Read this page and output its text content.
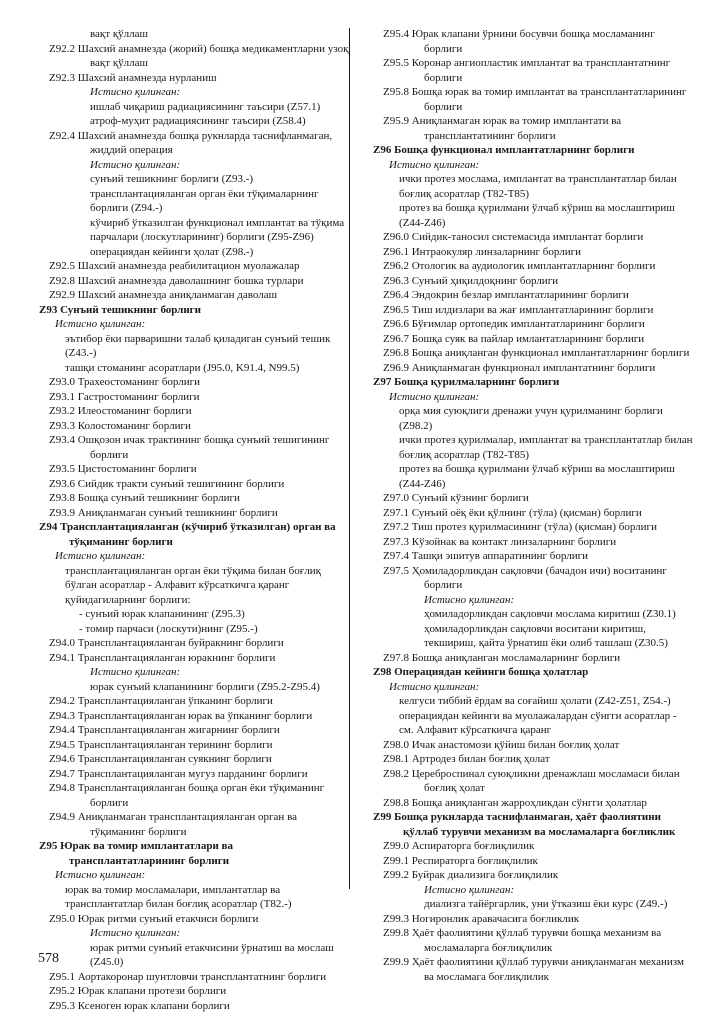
вақт қўллаш
Z92.2 Шахсий анамнезда (жорий) бошқа медикаментларни узоқ вақт қўллаш
Z92.3 Шахсий анамнезда нурланиш
Истисно қилинган:
ишлаб чиқариш радиациясининг таъсири (Z57.1)
атроф-муҳит радиациясининг таъсири (Z58.4)
Z92.4 Шахсий анамнезда бошқа рукнларда таснифланмаган, жиддий операция
Истисно қилинган:
сунъий тешикнинг борлиги (Z93.-)
трансплантацияланган орган ёки тўқималарнинг борлиги (Z94.-)
кўчириб ўтказилган функционал имплантат ва тўқима парчалари (лоскутларининг) борлиги (Z95-Z96)
операциядан кейинги ҳолат (Z98.-)
Z92.5 Шахсий анамнезда реабилитацион муолажалар
Z92.8 Шахсий анамнезда даволашнинг бошка турлари
Z92.9 Шахсий анамнезда аниқланмаган даволаш
Z93 Сунъий тешикнинг борлиги
Истисно қилинган:
эътибор ёки парваришни талаб қиладиган сунъий тешик (Z43.-)
ташқи стоманинг асоратлари (J95.0, K91.4, N99.5)
Z93.0 Трахеостоманинг борлиги
Z93.1 Гастростоманинг борлиги
Z93.2 Илеостоманинг борлиги
Z93.3 Колостоманинг борлиги
Z93.4 Ошқозон ичак трактининг бошқа сунъий тешигининг борлиги
Z93.5 Цистостоманинг борлиги
Z93.6 Сийдик тракти сунъий тешигининг борлиги
Z93.8 Бошқа сунъий тешикнинг борлиги
Z93.9 Аниқланмаган сунъий тешикнинг борлиги
Z94 Трансплантацияланган (кўчириб ўтказилган) орган ва тўқиманинг борлиги
Истисно қилинган:
трансплантацияланган орган ёки тўқима билан боғлиқ бўлган асоратлар - Алфавит кўрсаткичга қаранг
қуйидагиларнинг борлиги:
- сунъий юрак клапанининг (Z95.3)
- томир парчаси (лоскути)нинг (Z95.-)
Z94.0 Трансплантацияланган буйракнинг борлиги
Z94.1 Трансплантацияланган юракнинг борлиги
Истисно қилинган:
юрак сунъий клапанининг борлиги (Z95.2-Z95.4)
Z94.2 Трансплантацияланган ўпканинг борлиги
Z94.3 Трансплантацияланган юрак ва ўпканинг борлиги
Z94.4 Трансплантацияланган жигарнинг борлиги
Z94.5 Трансплантацияланган терининг борлиги
Z94.6 Трансплантацияланган суякнинг борлиги
Z94.7 Трансплантацияланган мугуз парданинг борлиги
Z94.8 Трансплантацияланган бошқа орган ёки тўқиманинг борлиги
Z94.9 Аниқланмаган трансплантацияланган орган ва тўқиманинг борлиги
Z95 Юрак ва томир имплантатлари ва трансплантатларининг борлиги
Истисно қилинган:
юрак ва томир мосламалари, имплантатлар ва трансплантатлар билан боғлиқ асоратлар (T82.-)
Z95.0 Юрак ритми сунъий етакчиси борлиги
Истисно қилинган:
юрак ритми сунъий етакчисини ўрнатиш ва мослаш (Z45.0)
Z95.1 Аортакоронар шунтловчи трансплантатнинг борлиги
Z95.2 Юрак клапани протези борлиги
Z95.3 Ксеноген юрак клапани борлиги
Z95.4 Юрак клапани ўрнини босувчи бошқа мосламанинг борлиги
Z95.5 Коронар ангиопластик имплантат ва трансплантатнинг борлиги
Z95.8 Бошқа юрак ва томир имплантат ва трансплантатларининг борлиги
Z95.9 Аниқланмаган юрак ва томир имплантати ва трансплантатининг борлиги
Z96 Бошқа функционал имплантатларнинг борлиги
Истисно қилинган:
ички протез мослама, имплантат ва трансплантатлар билан боғлиқ асоратлар (T82-T85)
протез ва бошқа қурилмани ўлчаб кўриш ва мослаштириш (Z44-Z46)
Z96.0 Сийдик-таносил системасида имплантат борлиги
Z96.1 Интраокуляр линзаларнинг борлиги
Z96.2 Отологик ва аудиологик имплантатларнинг борлиги
Z96.3 Сунъий ҳиқилдоқнинг борлиги
Z96.4 Эндокрин безлар имплантатларининг борлиги
Z96.5 Тиш илдизлари ва жағ имплантатларининг борлиги
Z96.6 Бўғимлар ортопедик имплантатларининг борлиги
Z96.7 Бошқа суяк ва пайлар имлантатларининг борлиги
Z96.8 Бошқа аниқланган функционал имплантатларнинг борлиги
Z96.9 Аниқланмаган функционал имплантатнинг борлиги
Z97 Бошқа қурилмаларнинг борлиги
Истисно қилинган:
орқа мия суюқлиги дренажи учун қурилманинг борлиги (Z98.2)
ички протез қурилмалар, имплантат ва трансплантатлар билан боғлиқ асоратлар (T82-T85)
протез ва бошқа қурилмани ўлчаб кўриш ва мослаштириш (Z44-Z46)
Z97.0 Сунъий кўзнинг борлиги
Z97.1 Сунъий оёқ ёки қўлнинг (тўла) (қисман) борлиги
Z97.2 Тиш протез қурилмасининг (тўла) (қисман) борлиги
Z97.3 Кўзойнак ва контакт линзаларнинг борлиги
Z97.4 Ташқи эшитув аппаратининг борлиги
Z97.5 Ҳомиладорликдан сақловчи (бачадон ичи) воситанинг борлиги
Истисно қилинган:
ҳомиладорликдан сақловчи мослама киритиш (Z30.1)
ҳомиладорликдан сақловчи воситани киритиш, текшириш, қайта ўрнатиш ёки олиб ташлаш (Z30.5)
Z97.8 Бошқа аниқланган мосламаларнинг борлиги
Z98 Операциядан кейинги бошқа ҳолатлар
Истисно қилинган:
келгуси тиббий ёрдам ва соғайиш ҳолати (Z42-Z51, Z54.-)
операциядан кейинги ва муолажалардан сўнгги асоратлар - см. Алфавит кўрсаткичга қаранг
Z98.0 Ичак анастомози қўйиш билан боғлиқ ҳолат
Z98.1 Артродез билан боғлиқ ҳолат
Z98.2 Цереброспинал суюқликни дренажлаш мосламаси билан боғлиқ ҳолат
Z98.8 Бошқа аниқланган жарроҳликдан сўнгги ҳолатлар
Z99 Бошқа рукнларда таснифланмаган, ҳаёт фаолиятини қўллаб турувчи механизм ва мосламаларга боғликлик
Z99.0 Аспираторга боғлиқлилик
Z99.1 Респираторга боғлиқлилик
Z99.2 Буйрак диализига боғлиқлилик
Истисно қилинган:
диализга тайёргарлик, уни ўтказиш ёки курс (Z49.-)
Z99.3 Ногиронлик аравачасига боғликлик
Z99.8 Ҳаёт фаолиятини қўллаб турувчи бошқа механизм ва мосламаларга боғлиқлилик
Z99.9 Ҳаёт фаолиятини қўллаб турувчи аниқланмаган механизм ва мосламага боғлиқлилик
578
